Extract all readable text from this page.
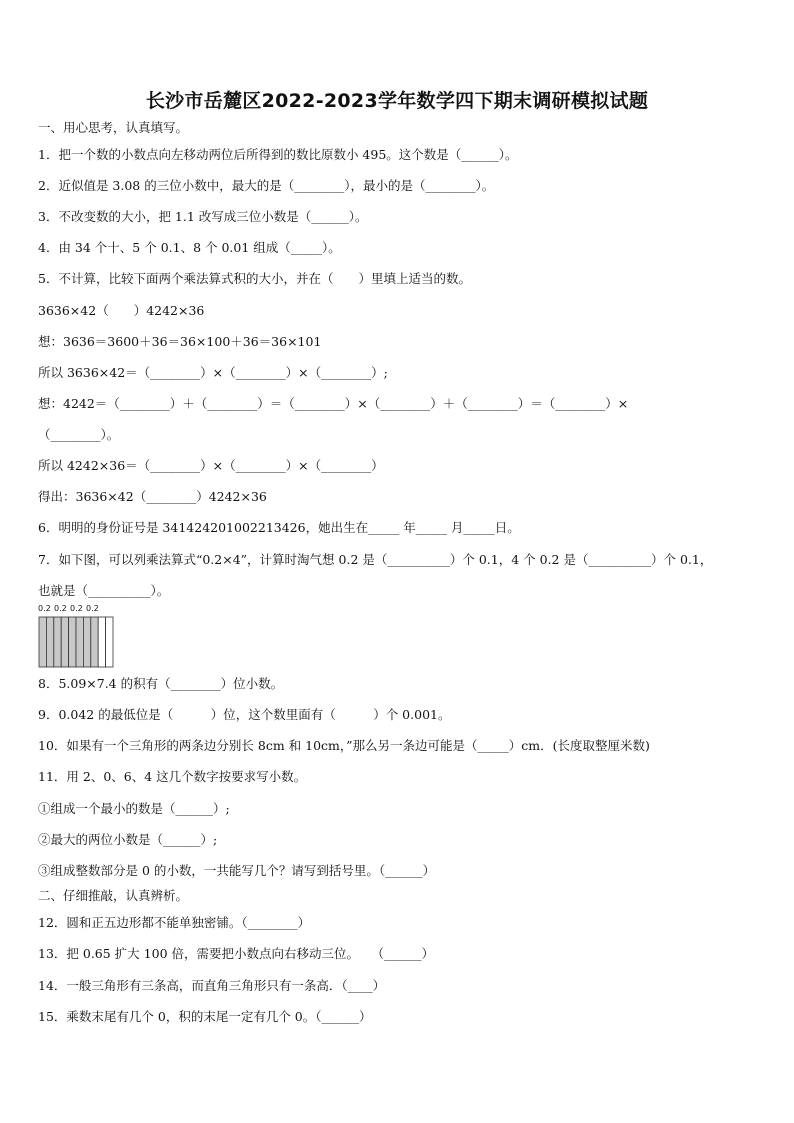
长沙市岳麓区2022-2023学年数学四下期末调研模拟试题
一、用心思考，认真填写。
1．把一个数的小数点向左移动两位后所得到的数比原数小 495。这个数是（______）。
2．近似值是 3.08 的三位小数中，最大的是（________），最小的是（________）。
3．不改变数的大小，把 1.1 改写成三位小数是（______）。
4．由 34 个十、5 个 0.1、8 个 0.01 组成（_____）。
5．不计算，比较下面两个乘法算式积的大小，并在（　　）里填上适当的数。
3636×42（　　）4242×36
想：3636＝3600＋36＝36×100＋36＝36×101
所以 3636×42＝（________）×（________）×（________）;
想：4242＝（________）＋（________）＝（________）×（________）＋（________）＝（________）×
（________）。
所以 4242×36＝（________）×（________）×（________）
得出：3636×42（________）4242×36
6．明明的身份证号是 341424201002213426，她出生在_____ 年_____ 月_____日。
7．如下图，可以列乘法算式“0.2×4”，计算时淘气想 0.2 是（__________）个 0.1，4 个 0.2 是（__________）个 0.1，
也就是（__________）。
0.2 0.2 0.2 0.2
8．5.09×7.4 的积有（________）位小数。
9．0.042 的最低位是（　　　）位，这个数里面有（　　　）个 0.001。
10．如果有一个三角形的两条边分别长 8cm 和 10cm，”那么另一条边可能是（_____）cm．(长度取整厘米数)
11．用 2、0、6、4 这几个数字按要求写小数。
①组成一个最小的数是（______）;
②最大的两位小数是（______）;
③组成整数部分是 0 的小数，一共能写几个？请写到括号里。（______）
二、仔细推敲，认真辨析。
12．圆和正五边形都不能单独密铺。（________）
13．把 0.65 扩大 100 倍，需要把小数点向右移动三位。　　（______）
14．一般三角形有三条高，而直角三角形只有一条高．（____）
15．乘数末尾有几个 0，积的末尾一定有几个 0。（______）
